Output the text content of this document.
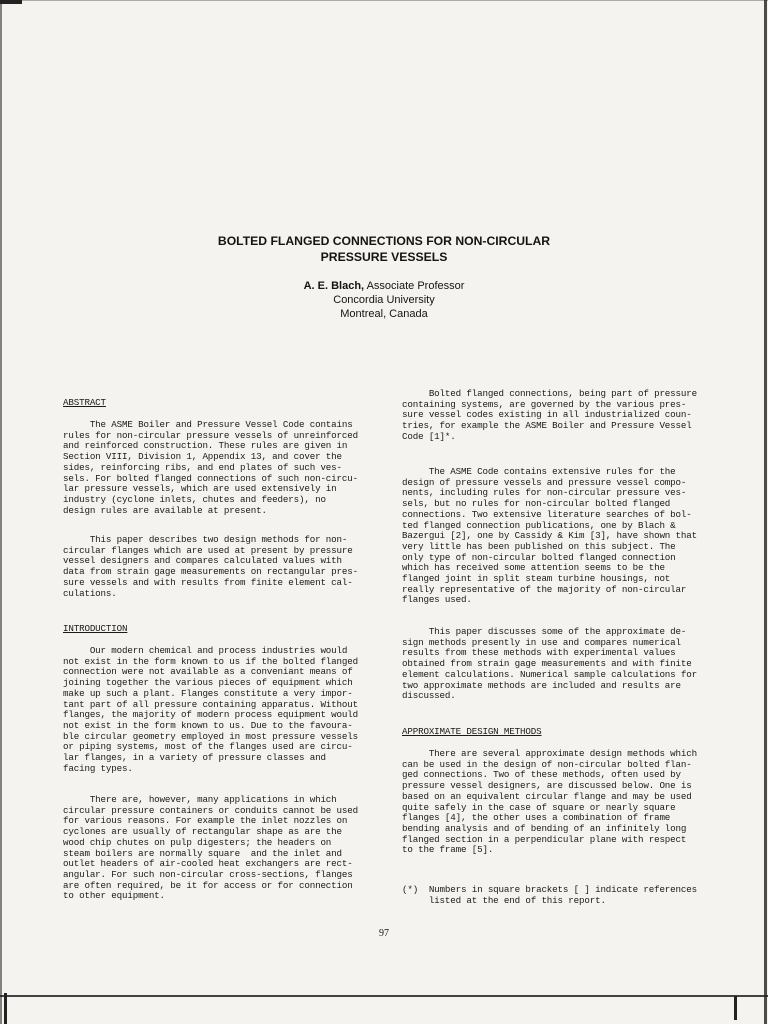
BOLTED FLANGED CONNECTIONS FOR NON-CIRCULAR
PRESSURE VESSELS
A. E. Blach, Associate Professor
Concordia University
Montreal, Canada
ABSTRACT
The ASME Boiler and Pressure Vessel Code contains
rules for non-circular pressure vessels of unreinforced
and reinforced construction. These rules are given in
Section VIII, Division 1, Appendix 13, and cover the
sides, reinforcing ribs, and end plates of such ves-
sels. For bolted flanged connections of such non-circu-
lar pressure vessels, which are used extensively in
industry (cyclone inlets, chutes and feeders), no
design rules are available at present.
This paper describes two design methods for non-
circular flanges which are used at present by pressure
vessel designers and compares calculated values with
data from strain gage measurements on rectangular pres-
sure vessels and with results from finite element cal-
culations.
INTRODUCTION
Our modern chemical and process industries would
not exist in the form known to us if the bolted flanged
connection were not available as a conveniant means of
joining together the various pieces of equipment which
make up such a plant. Flanges constitute a very impor-
tant part of all pressure containing apparatus. Without
flanges, the majority of modern process equipment would
not exist in the form known to us. Due to the favoura-
ble circular geometry employed in most pressure vessels
or piping systems, most of the flanges used are circu-
lar flanges, in a variety of pressure classes and
facing types.
There are, however, many applications in which
circular pressure containers or conduits cannot be used
for various reasons. For example the inlet nozzles on
cyclones are usually of rectangular shape as are the
wood chip chutes on pulp digesters; the headers on
steam boilers are normally square  and the inlet and
outlet headers of air-cooled heat exchangers are rect-
angular. For such non-circular cross-sections, flanges
are often required, be it for access or for connection
to other equipment.
Bolted flanged connections, being part of pressure
containing systems, are governed by the various pres-
sure vessel codes existing in all industrialized coun-
tries, for example the ASME Boiler and Pressure Vessel
Code [1]*.
The ASME Code contains extensive rules for the
design of pressure vessels and pressure vessel compo-
nents, including rules for non-circular pressure ves-
sels, but no rules for non-circular bolted flanged
connections. Two extensive literature searches of bol-
ted flanged connection publications, one by Blach &
Bazergui [2], one by Cassidy & Kim [3], have shown that
very little has been published on this subject. The
only type of non-circular bolted flanged connection
which has received some attention seems to be the
flanged joint in split steam turbine housings, not
really representative of the majority of non-circular
flanges used.
This paper discusses some of the approximate de-
sign methods presently in use and compares numerical
results from these methods with experimental values
obtained from strain gage measurements and with finite
element calculations. Numerical sample calculations for
two approximate methods are included and results are
discussed.
APPROXIMATE DESIGN METHODS
There are several approximate design methods which
can be used in the design of non-circular bolted flan-
ged connections. Two of these methods, often used by
pressure vessel designers, are discussed below. One is
based on an equivalent circular flange and may be used
quite safely in the case of square or nearly square
flanges [4], the other uses a combination of frame
bending analysis and of bending of an infinitely long
flanged section in a perpendicular plane with respect
to the frame [5].
(*)  Numbers in square brackets [ ] indicate references
listed at the end of this report.
97
